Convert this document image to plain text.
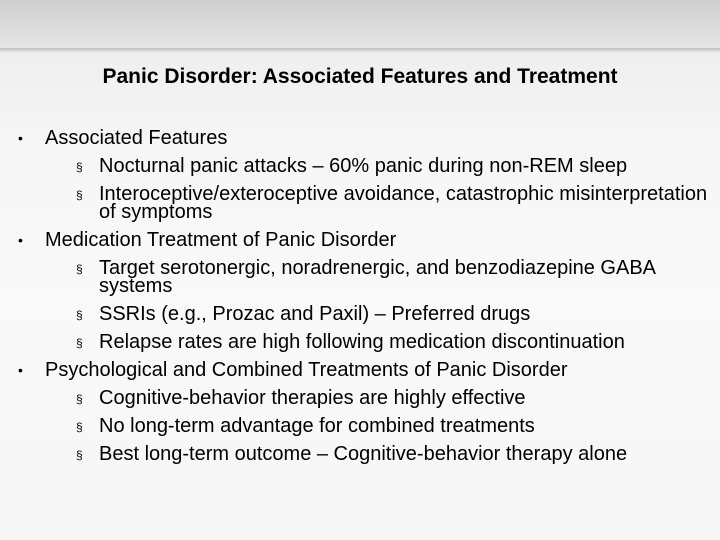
Panic Disorder: Associated Features and Treatment
•	Associated Features
§ Nocturnal panic attacks – 60% panic during non-REM sleep
§ Interoceptive/exteroceptive avoidance, catastrophic misinterpretation of symptoms
•	Medication Treatment of Panic Disorder
§ Target serotonergic, noradrenergic, and benzodiazepine GABA systems
§ SSRIs (e.g., Prozac and Paxil) – Preferred drugs
§ Relapse rates are high following medication discontinuation
•	Psychological and Combined Treatments of Panic Disorder
§ Cognitive-behavior therapies are highly effective
§ No long-term advantage for combined treatments
§ Best long-term outcome – Cognitive-behavior therapy alone
